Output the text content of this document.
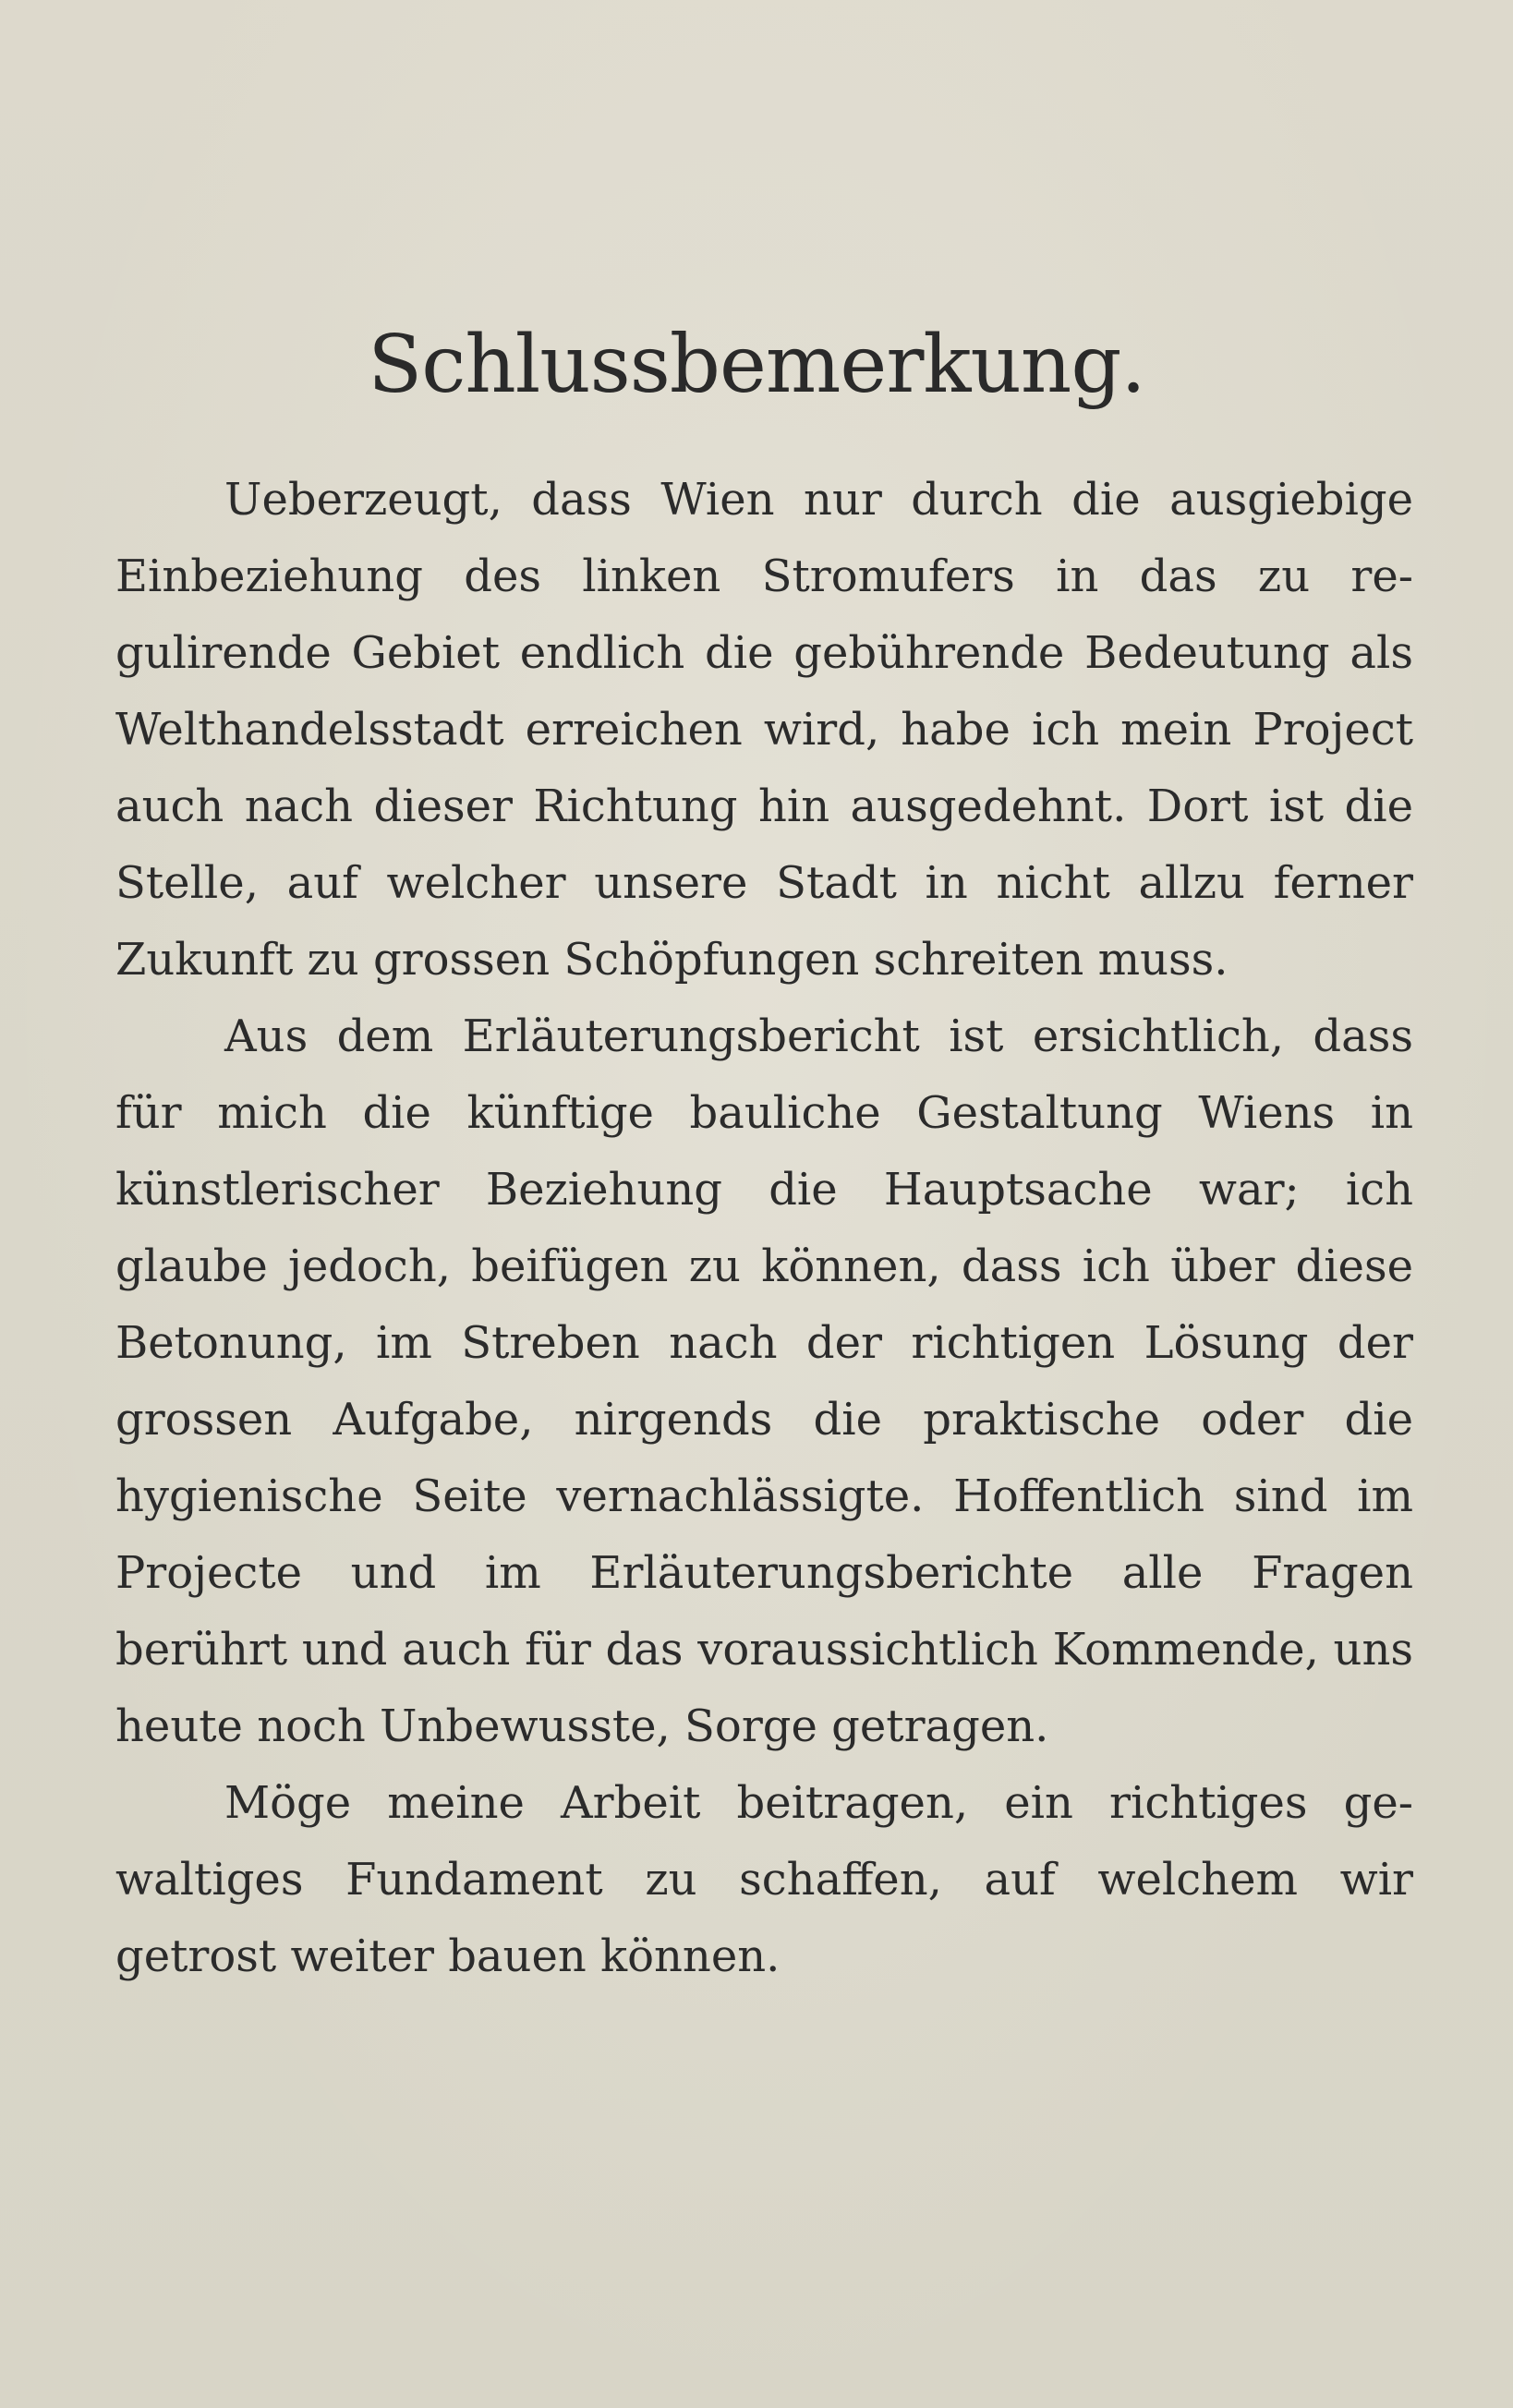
Schlussbemerkung.

Ueberzeugt, dass Wien nur durch die ausgiebige Einbeziehung des linken Stromufers in das zu regulirende Gebiet endlich die gebührende Bedeutung als Welthandelsstadt erreichen wird, habe ich mein Project auch nach dieser Richtung hin ausgedehnt. Dort ist die Stelle, auf welcher unsere Stadt in nicht allzu ferner Zukunft zu grossen Schöpfungen schreiten muss.

Aus dem Erläuterungsbericht ist ersichtlich, dass für mich die künftige bauliche Gestaltung Wiens in künstlerischer Beziehung die Hauptsache war; ich glaube jedoch, beifügen zu können, dass ich über diese Betonung, im Streben nach der richtigen Lösung der grossen Aufgabe, nirgends die praktische oder die hygienische Seite vernachlässigte. Hoffentlich sind im Projecte und im Erläuterungsberichte alle Fragen berührt und auch für das voraussichtlich Kommende, uns heute noch Unbewusste, Sorge getragen.

Möge meine Arbeit beitragen, ein richtiges gewaltiges Fundament zu schaffen, auf welchem wir getrost weiter bauen können.
